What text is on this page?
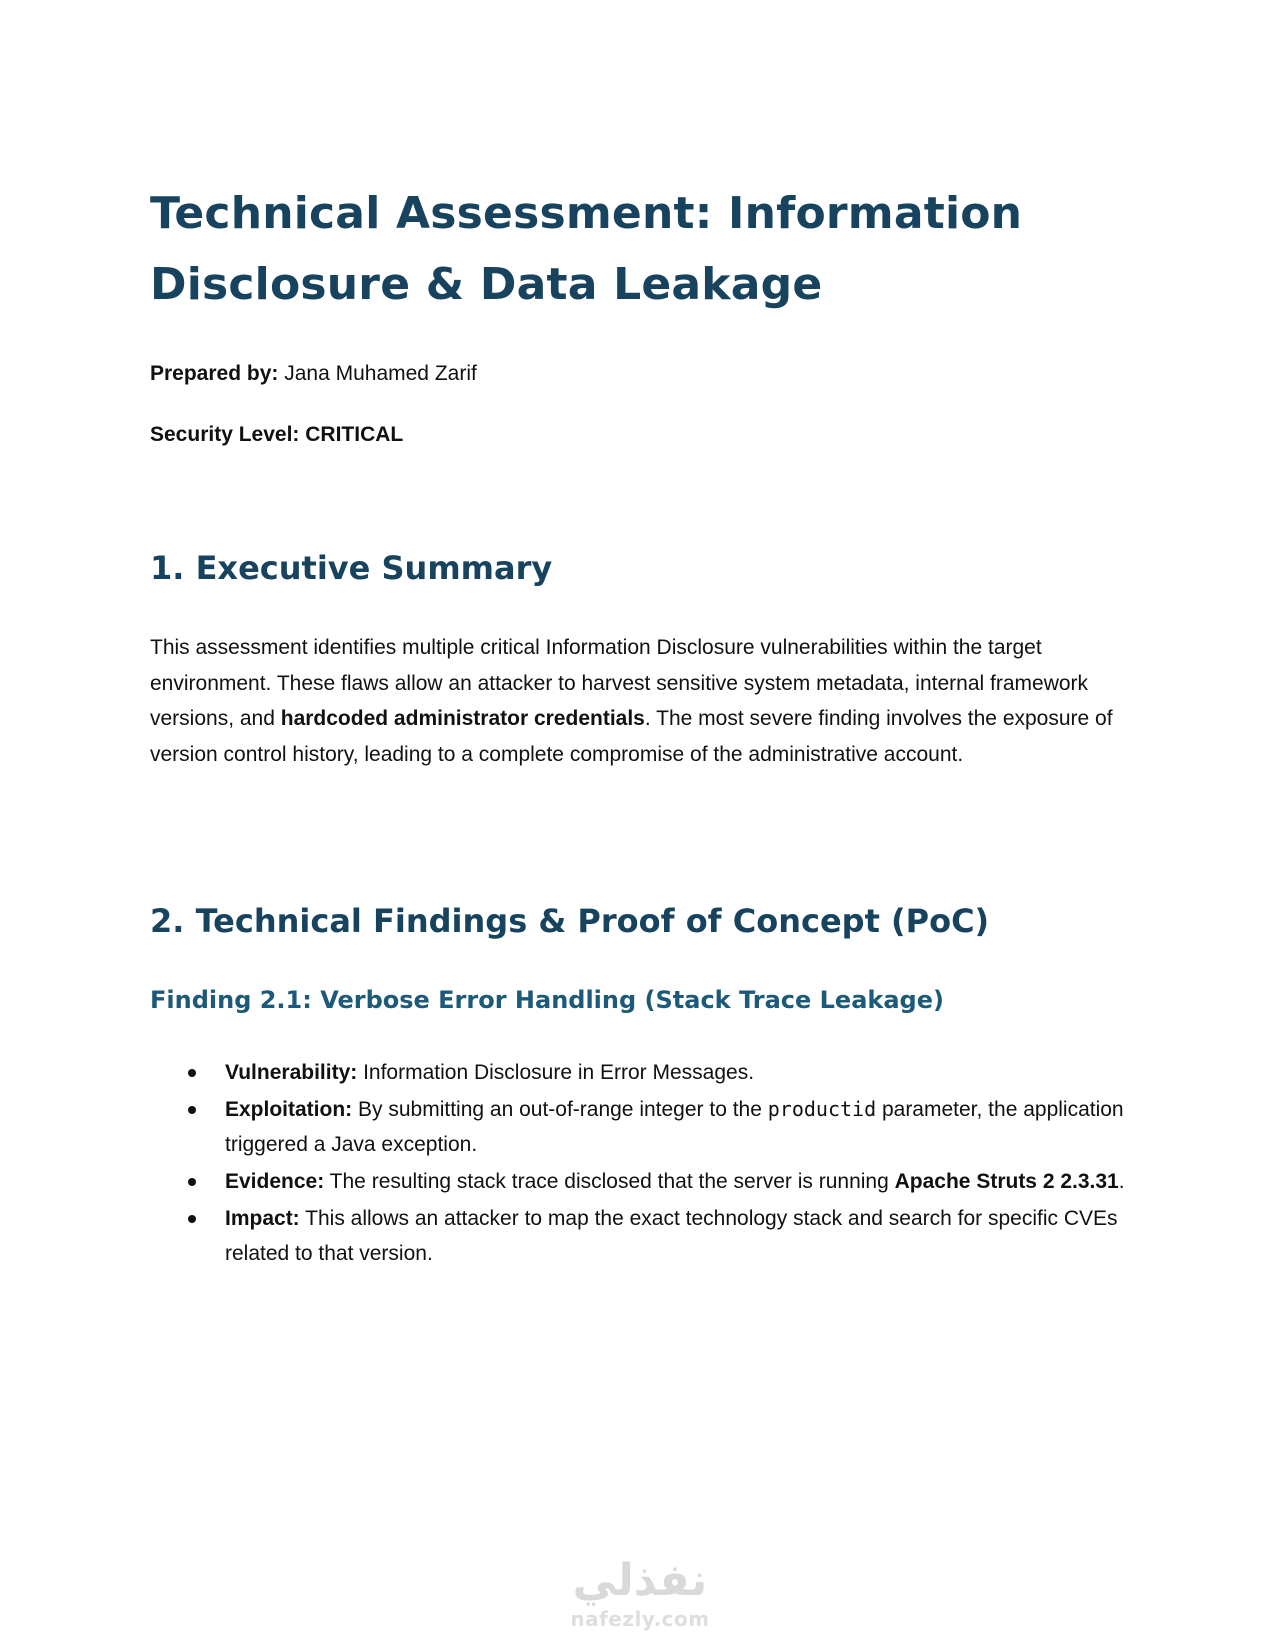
Technical Assessment: Information Disclosure & Data Leakage

Prepared by: Jana Muhamed Zarif

Security Level: CRITICAL

1. Executive Summary

This assessment identifies multiple critical Information Disclosure vulnerabilities within the target environment. These flaws allow an attacker to harvest sensitive system metadata, internal framework versions, and hardcoded administrator credentials. The most severe finding involves the exposure of version control history, leading to a complete compromise of the administrative account.

2. Technical Findings & Proof of Concept (PoC)
Finding 2.1: Verbose Error Handling (Stack Trace Leakage)
Vulnerability: Information Disclosure in Error Messages.
Exploitation: By submitting an out-of-range integer to the productid parameter, the application triggered a Java exception.
Evidence: The resulting stack trace disclosed that the server is running Apache Struts 2 2.3.31.
Impact: This allows an attacker to map the exact technology stack and search for specific CVEs related to that version.
نفذلي
nafezly.com
